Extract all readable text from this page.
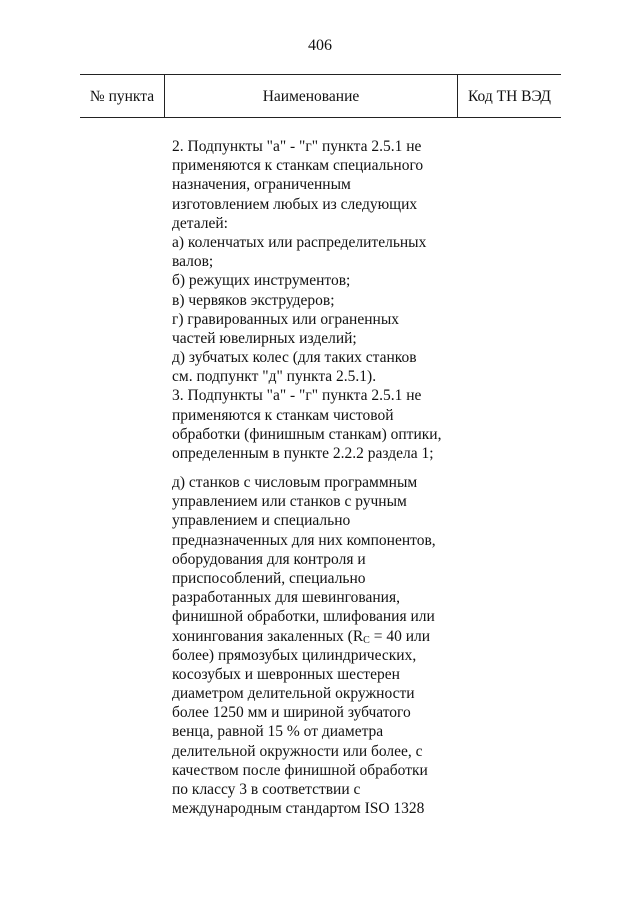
406
№ пункта	Наименование	Код ТН ВЭД
2. Подпункты "а" - "г" пункта 2.5.1 не
применяются к станкам специального
назначения, ограниченным
изготовлением любых из следующих
деталей:
а) коленчатых или распределительных
валов;
б) режущих инструментов;
в) червяков экструдеров;
г) гравированных или ограненных
частей ювелирных изделий;
д) зубчатых колес (для таких станков
см. подпункт "д" пункта 2.5.1).
3. Подпункты "а" - "г" пункта 2.5.1 не
применяются к станкам чистовой
обработки (финишным станкам) оптики,
определенным в пункте 2.2.2 раздела 1;
д) станков с числовым программным
управлением или станков с ручным
управлением и специально
предназначенных для них компонентов,
оборудования для контроля и
приспособлений, специально
разработанных для шевингования,
финишной обработки, шлифования или
хонингования закаленных ($R_C = 40$ или
более) прямозубых цилиндрических,
косозубых и шевронных шестерен
диаметром делительной окружности
более 1250 мм и шириной зубчатого
венца, равной 15 % от диаметра
делительной окружности или более, с
качеством после финишной обработки
по классу 3 в соответствии с
международным стандартом ISO 1328
